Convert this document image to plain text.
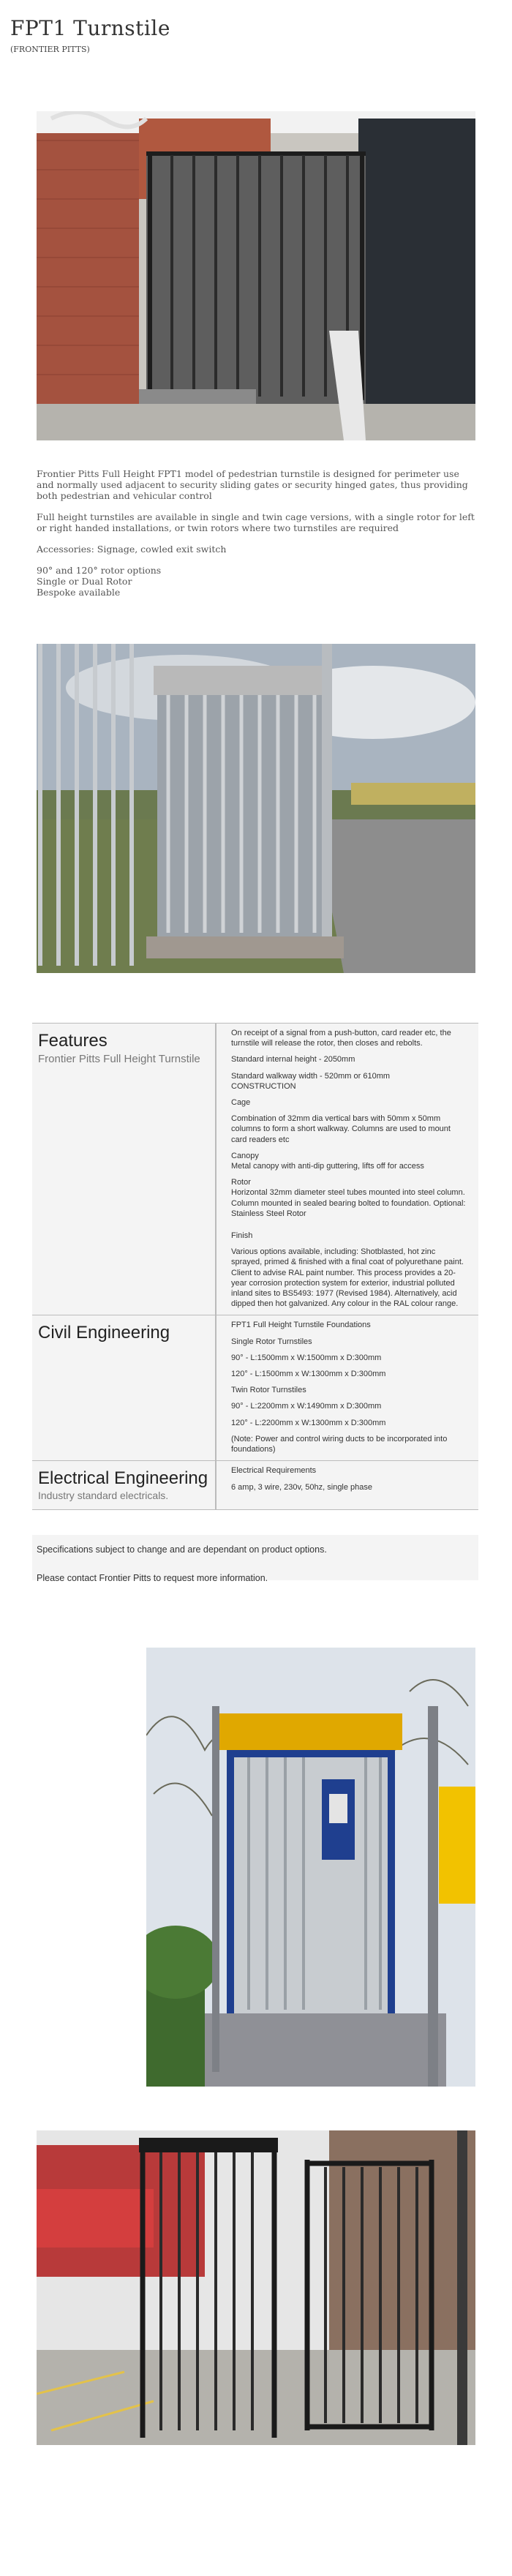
FPT1 Turnstile
(FRONTIER PITTS)

Frontier Pitts Full Height FPT1 model of pedestrian turnstile is designed for perimeter use and normally used adjacent to security sliding gates or security hinged gates, thus providing both pedestrian and vehicular control

Full height turnstiles are available in single and twin cage versions, with a single rotor for left or right handed installations, or twin rotors where two turnstiles are required

Accessories: Signage, cowled exit switch

90° and 120° rotor options
Single or Dual Rotor
Bespoke available
Features
Frontier Pitts Full Height Turnstile
On receipt of a signal from a push-button, card reader etc, the turnstile will release the rotor, then closes and rebolts.
Standard internal height - 2050mm
Standard walkway width - 520mm or 610mm
CONSTRUCTION
Cage
Combination of 32mm dia vertical bars with 50mm x 50mm columns to form a short walkway. Columns are used to mount card readers etc
Canopy
Metal canopy with anti-dip guttering, lifts off for access
Rotor
Horizontal 32mm diameter steel tubes mounted into steel column. Column mounted in sealed bearing bolted to foundation. Optional: Stainless Steel Rotor
Finish
Various options available, including: Shotblasted, hot zinc sprayed, primed & finished with a final coat of polyurethane paint. Client to advise RAL paint number. This process provides a 20-year corrosion protection system for exterior, industrial polluted inland sites to BS5493: 1977 (Revised 1984). Alternatively, acid dipped then hot galvanized. Any colour in the RAL colour range.
Civil Engineering	FPT1 Full Height Turnstile Foundations
Single Rotor Turnstiles
90° - L:1500mm x W:1500mm x D:300mm
120° - L:1500mm x W:1300mm x D:300mm
Twin Rotor Turnstiles
90° - L:2200mm x W:1490mm x D:300mm
120° - L:2200mm x W:1300mm x D:300mm
(Note: Power and control wiring ducts to be incorporated into foundations)
Electrical Engineering
Industry standard electricals.
Electrical Requirements
6 amp, 3 wire, 230v, 50hz, single phase

Specifications subject to change and are dependant on product options.

Please contact Frontier Pitts to request more information.
